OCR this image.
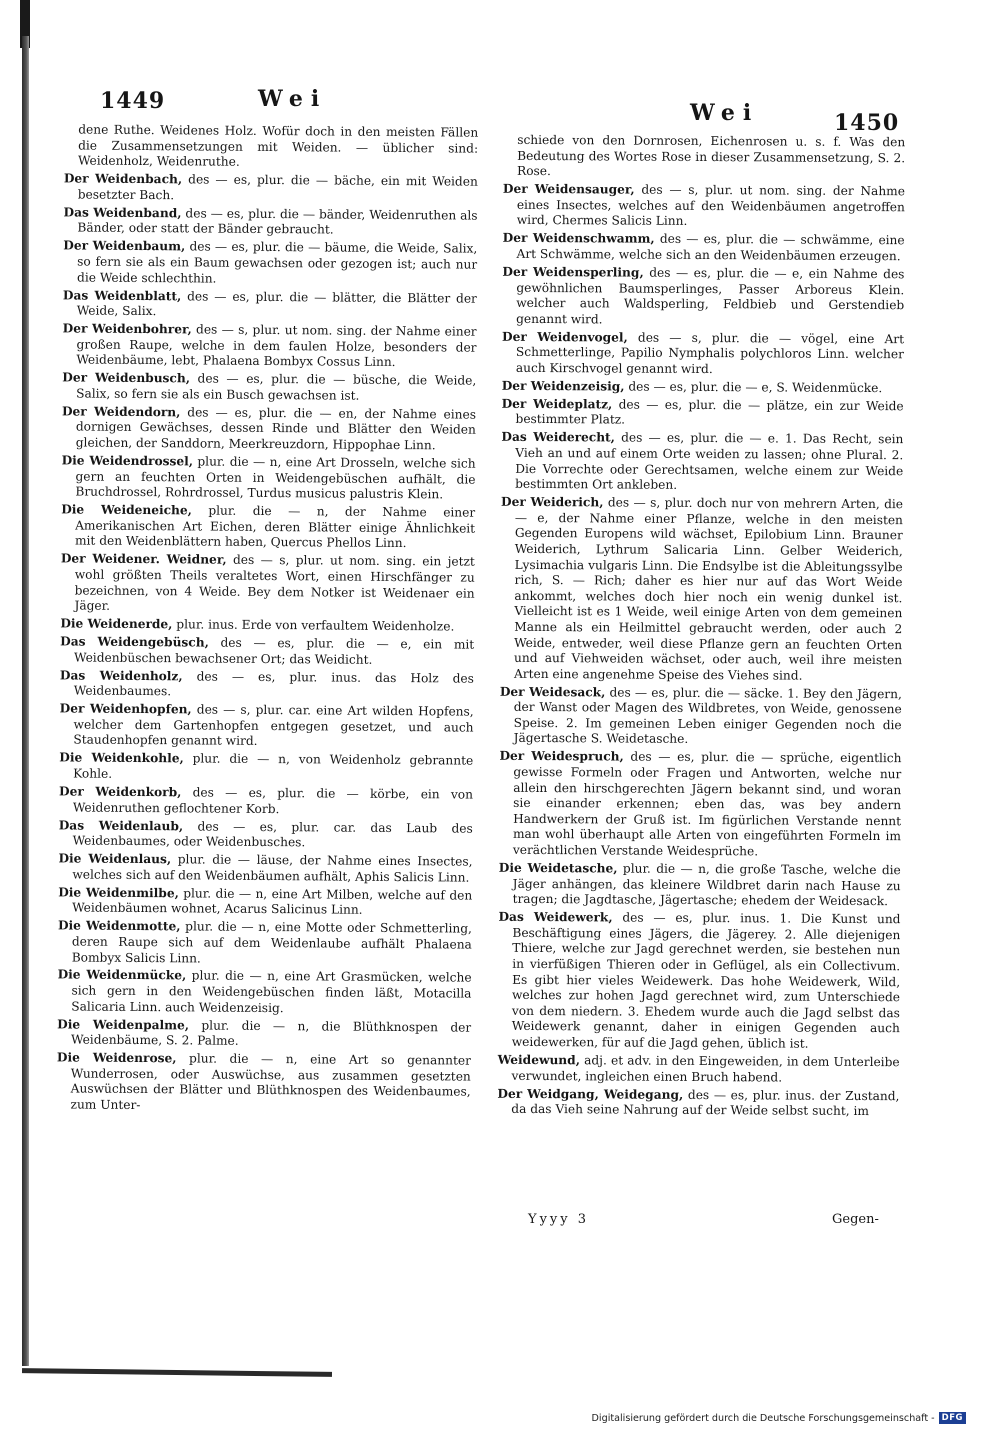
1449	Wei
Wei	1450
dene Ruthe. Weidenes Holz. Wofür doch in den meisten Fällen die Zusammensetzungen mit Weiden. — üblicher sind: Weidenholz, Weidenruthe.
Der Weidenbach, des — es, plur. die — bäche, ein mit Weiden besetzter Bach.
Das Weidenband, des — es, plur. die — bänder, Weidenruthen als Bänder, oder statt der Bänder gebraucht.
Der Weidenbaum, des — es, plur. die — bäume, die Weide, Salix, so fern sie als ein Baum gewachsen oder gezogen ist; auch nur die Weide schlechthin.
Das Weidenblatt, des — es, plur. die — blätter, die Blätter der Weide, Salix.
Der Weidenbohrer, des — s, plur. ut nom. sing. der Nahme einer großen Raupe, welche in dem faulen Holze, besonders der Weidenbäume, lebt, Phalaena Bombyx Cossus Linn.
Der Weidenbusch, des — es, plur. die — büsche, die Weide, Salix, so fern sie als ein Busch gewachsen ist.
Der Weidendorn, des — es, plur. die — en, der Nahme eines dornigen Gewächses, dessen Rinde und Blätter den Weiden gleichen, der Sanddorn, Meerkreuzdorn, Hippophae Linn.
Die Weidendrossel, plur. die — n, eine Art Drosseln, welche sich gern an feuchten Orten in Weidengebüschen aufhält, die Bruchdrossel, Rohrdrossel, Turdus musicus palustris Klein.
Die Weideneiche, plur. die — n, der Nahme einer Amerikanischen Art Eichen, deren Blätter einige Ähnlichkeit mit den Weidenblättern haben, Quercus Phellos Linn.
Der Weidener. Weidner, des — s, plur. ut nom. sing. ein jetzt wohl größten Theils veraltetes Wort, einen Hirschfänger zu bezeichnen, von 4 Weide. Bey dem Notker ist Weidenaer ein Jäger.
Die Weidenerde, plur. inus. Erde von verfaultem Weidenholze.
Das Weidengebüsch, des — es, plur. die — e, ein mit Weidenbüschen bewachsener Ort; das Weidicht.
Das Weidenholz, des — es, plur. inus. das Holz des Weidenbaumes.
Der Weidenhopfen, des — s, plur. car. eine Art wilden Hopfens, welcher dem Gartenhopfen entgegen gesetzet, und auch Staudenhopfen genannt wird.
Die Weidenkohle, plur. die — n, von Weidenholz gebrannte Kohle.
Der Weidenkorb, des — es, plur. die — körbe, ein von Weidenruthen geflochtener Korb.
Das Weidenlaub, des — es, plur. car. das Laub des Weidenbaumes, oder Weidenbusches.
Die Weidenlaus, plur. die — läuse, der Nahme eines Insectes, welches sich auf den Weidenbäumen aufhält, Aphis Salicis Linn.
Die Weidenmilbe, plur. die — n, eine Art Milben, welche auf den Weidenbäumen wohnet, Acarus Salicinus Linn.
Die Weidenmotte, plur. die — n, eine Motte oder Schmetterling, deren Raupe sich auf dem Weidenlaube aufhält Phalaena Bombyx Salicis Linn.
Die Weidenmücke, plur. die — n, eine Art Grasmücken, welche sich gern in den Weidengebüschen finden läßt, Motacilla Salicaria Linn. auch Weidenzeisig.
Die Weidenpalme, plur. die — n, die Blüthknospen der Weidenbäume, S. 2. Palme.
Die Weidenrose, plur. die — n, eine Art so genannter Wunderrosen, oder Auswüchse, aus zusammen gesetzten Auswüchsen der Blätter und Blüthknospen des Weidenbaumes, zum Unter-
schiede von den Dornrosen, Eichenrosen u. s. f. Was den Bedeutung des Wortes Rose in dieser Zusammensetzung, S. 2. Rose.
Der Weidensauger, des — s, plur. ut nom. sing. der Nahme eines Insectes, welches auf den Weidenbäumen angetroffen wird, Chermes Salicis Linn.
Der Weidenschwamm, des — es, plur. die — schwämme, eine Art Schwämme, welche sich an den Weidenbäumen erzeugen.
Der Weidensperling, des — es, plur. die — e, ein Nahme des gewöhnlichen Baumsperlinges, Passer Arboreus Klein. welcher auch Waldsperling, Feldbieb und Gerstendieb genannt wird.
Der Weidenvogel, des — s, plur. die — vögel, eine Art Schmetterlinge, Papilio Nymphalis polychloros Linn. welcher auch Kirschvogel genannt wird.
Der Weidenzeisig, des — es, plur. die — e, S. Weidenmücke.
Der Weideplatz, des — es, plur. die — plätze, ein zur Weide bestimmter Platz.
Das Weiderecht, des — es, plur. die — e. 1. Das Recht, sein Vieh an und auf einem Orte weiden zu lassen; ohne Plural. 2. Die Vorrechte oder Gerechtsamen, welche einem zur Weide bestimmten Ort ankleben.
Der Weiderich, des — s, plur. doch nur von mehrern Arten, die — e, der Nahme einer Pflanze, welche in den meisten Gegenden Europens wild wächset, Epilobium Linn. Brauner Weiderich, Lythrum Salicaria Linn. Gelber Weiderich, Lysimachia vulgaris Linn. Die Endsylbe ist die Ableitungssylbe rich, S. — Rich; daher es hier nur auf das Wort Weide ankommt, welches doch hier noch ein wenig dunkel ist. Vielleicht ist es 1 Weide, weil einige Arten von dem gemeinen Manne als ein Heilmittel gebraucht werden, oder auch 2 Weide, entweder, weil diese Pflanze gern an feuchten Orten und auf Viehweiden wächset, oder auch, weil ihre meisten Arten eine angenehme Speise des Viehes sind.
Der Weidesack, des — es, plur. die — säcke. 1. Bey den Jägern, der Wanst oder Magen des Wildbretes, von Weide, genossene Speise. 2. Im gemeinen Leben einiger Gegenden noch die Jägertasche S. Weidetasche.
Der Weidespruch, des — es, plur. die — sprüche, eigentlich gewisse Formeln oder Fragen und Antworten, welche nur allein den hirschgerechten Jägern bekannt sind, und woran sie einander erkennen; eben das, was bey andern Handwerkern der Gruß ist. Im figürlichen Verstande nennt man wohl überhaupt alle Arten von eingeführten Formeln im verächtlichen Verstande Weidesprüche.
Die Weidetasche, plur. die — n, die große Tasche, welche die Jäger anhängen, das kleinere Wildbret darin nach Hause zu tragen; die Jagdtasche, Jägertasche; ehedem der Weidesack.
Das Weidewerk, des — es, plur. inus. 1. Die Kunst und Beschäftigung eines Jägers, die Jägerey. 2. Alle diejenigen Thiere, welche zur Jagd gerechnet werden, sie bestehen nun in vierfüßigen Thieren oder in Geflügel, als ein Collectivum. Es gibt hier vieles Weidewerk. Das hohe Weidewerk, Wild, welches zur hohen Jagd gerechnet wird, zum Unterschiede von dem niedern. 3. Ehedem wurde auch die Jagd selbst das Weidewerk genannt, daher in einigen Gegenden auch weidewerken, für auf die Jagd gehen, üblich ist.
Weidewund, adj. et adv. in den Eingeweiden, in dem Unterleibe verwundet, ingleichen einen Bruch habend.
Der Weidgang, Weidegang, des — es, plur. inus. der Zustand, da das Vieh seine Nahrung auf der Weide selbst sucht, im
Yyyy 3	Gegen-
Digitalisierung gefördert durch die Deutsche Forschungsgemeinschaft - DFG
